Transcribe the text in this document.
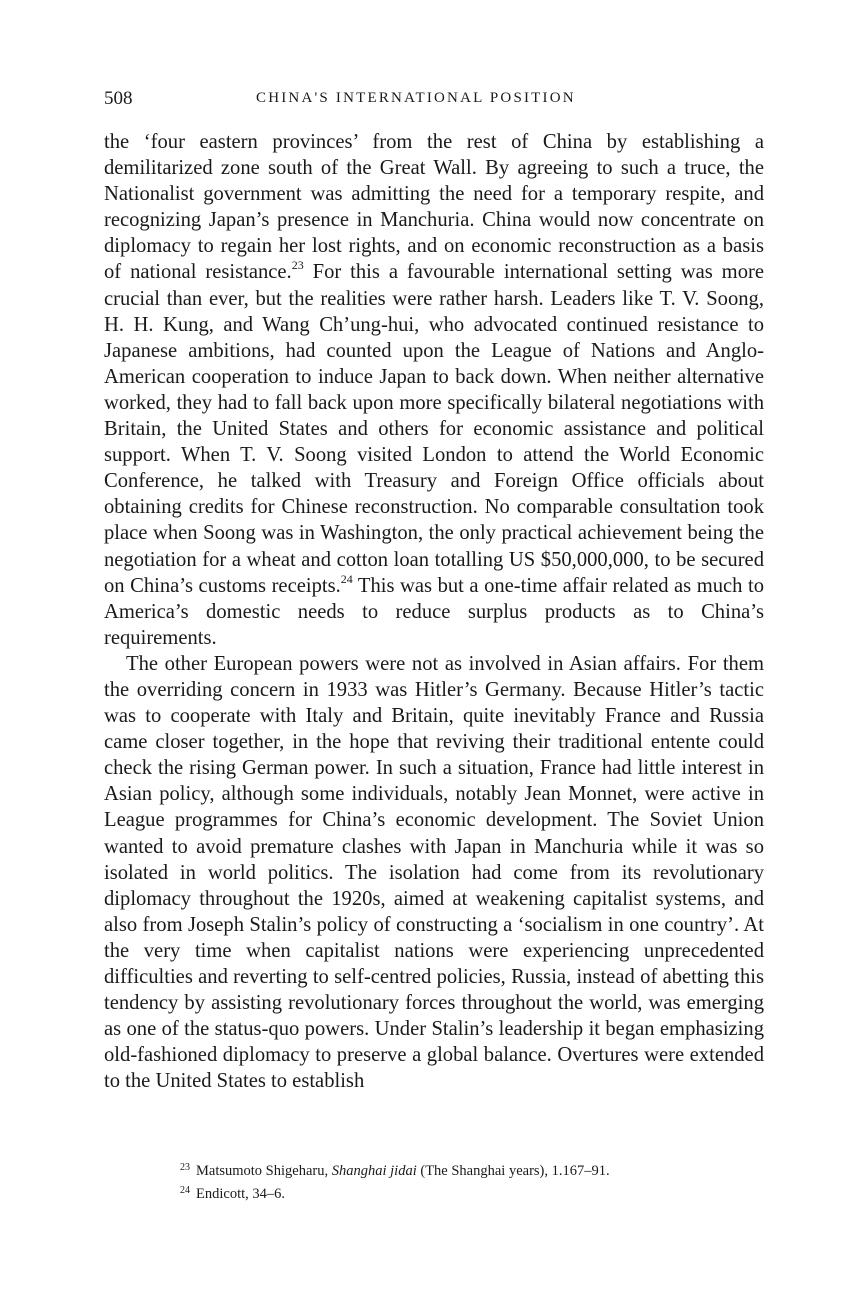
508	CHINA'S INTERNATIONAL POSITION

the ‘four eastern provinces’ from the rest of China by establishing a demilitarized zone south of the Great Wall. By agreeing to such a truce, the Nationalist government was admitting the need for a temporary respite, and recognizing Japan’s presence in Manchuria. China would now concentrate on diplomacy to regain her lost rights, and on economic reconstruction as a basis of national resistance.$^{23}$ For this a favourable international setting was more crucial than ever, but the realities were rather harsh. Leaders like T. V. Soong, H. H. Kung, and Wang Ch’ung-hui, who advocated continued resistance to Japanese ambitions, had counted upon the League of Nations and Anglo-American cooperation to induce Japan to back down. When neither alternative worked, they had to fall back upon more specifically bilateral negotiations with Britain, the United States and others for economic assistance and political support. When T. V. Soong visited London to attend the World Economic Conference, he talked with Treasury and Foreign Office officials about obtaining credits for Chinese reconstruction. No comparable consultation took place when Soong was in Washington, the only practical achievement being the negotiation for a wheat and cotton loan totalling US $50,000,000, to be secured on China’s customs receipts.$^{24}$ This was but a one-time affair related as much to America’s domestic needs to reduce surplus products as to China’s requirements.

The other European powers were not as involved in Asian affairs. For them the overriding concern in 1933 was Hitler’s Germany. Because Hitler’s tactic was to cooperate with Italy and Britain, quite inevitably France and Russia came closer together, in the hope that reviving their traditional entente could check the rising German power. In such a situation, France had little interest in Asian policy, although some individuals, notably Jean Monnet, were active in League programmes for China’s economic development. The Soviet Union wanted to avoid premature clashes with Japan in Manchuria while it was so isolated in world politics. The isolation had come from its revolutionary diplomacy throughout the 1920s, aimed at weakening capitalist systems, and also from Joseph Stalin’s policy of constructing a ‘socialism in one country’. At the very time when capitalist nations were experiencing unprecedented difficulties and reverting to self-centred policies, Russia, instead of abetting this tendency by assisting revolutionary forces throughout the world, was emerging as one of the status-quo powers. Under Stalin’s leadership it began emphasizing old-fashioned diplomacy to preserve a global balance. Overtures were extended to the United States to establish

$^{23}$ Matsumoto Shigeharu, Shanghai jidai (The Shanghai years), 1.167–91.

$^{24}$ Endicott, 34–6.
